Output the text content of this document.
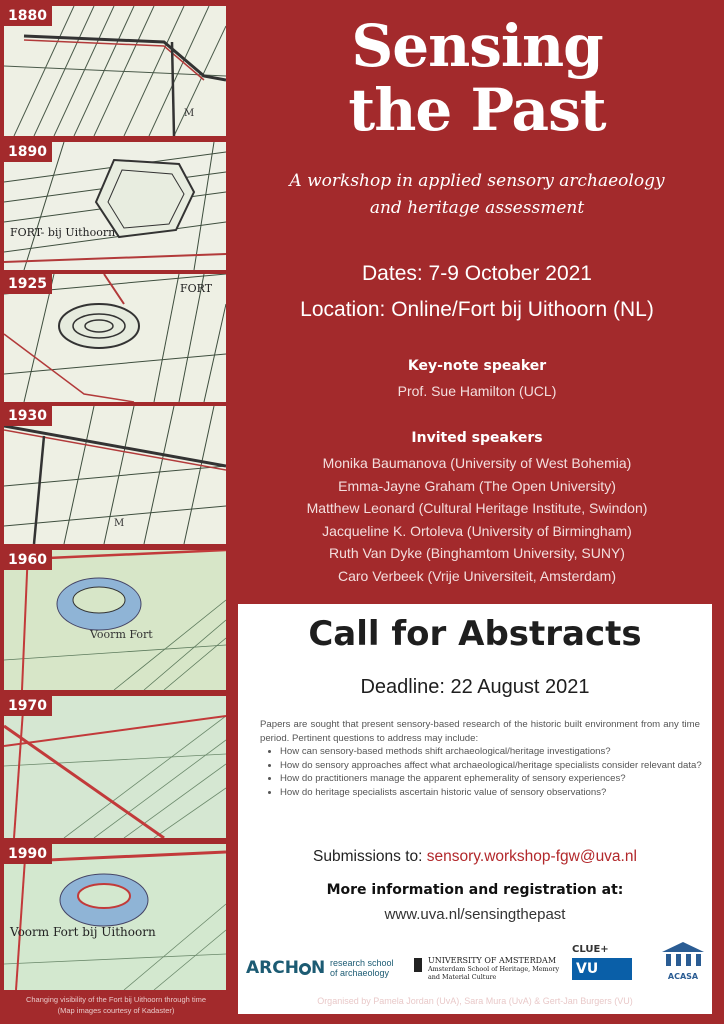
M
1880
FORT- bij Uithoorn
1890
FORT
1925
M
1930
Voorm Fort
1960
1970
Voorm Fort bij Uithoorn
1990
Changing visibility of the Fort bij Uithoorn through time
(Map images courtesy of Kadaster)
Sensing
the Past
A workshop in applied sensory archaeology
and heritage assessment
Dates: 7-9 October 2021
Location: Online/Fort bij Uithoorn (NL)
Key-note speaker
Prof. Sue Hamilton (UCL)
Invited speakers
Monika Baumanova (University of West Bohemia)
Emma-Jayne Graham (The Open University)
Matthew Leonard (Cultural Heritage Institute, Swindon)
Jacqueline K. Ortoleva (University of Birmingham)
Ruth Van Dyke (Binghamtom University, SUNY)
Caro Verbeek (Vrije Universiteit, Amsterdam)
Call for Abstracts
Deadline: 22 August 2021
Papers are sought that present sensory-based research of the historic built environment from any time period. Pertinent questions to address may include:
• How can sensory-based methods shift archaeological/heritage investigations?
• How do sensory approaches affect what archaeological/heritage specialists consider relevant data?
• How do practitioners manage the apparent ephemerality of sensory experiences?
• How do heritage specialists ascertain historic value of sensory observations?
Submissions to: sensory.workshop-fgw@uva.nl
More information and registration at:
www.uva.nl/sensingthepast
ARCH N research school
of archaeology
UNIVERSITY OF AMSTERDAM
Amsterdam School of Heritage, Memory
and Material Culture
CLUE+
VU	ACASA
Organised by Pamela Jordan (UvA), Sara Mura (UvA) & Gert-Jan Burgers (VU)
